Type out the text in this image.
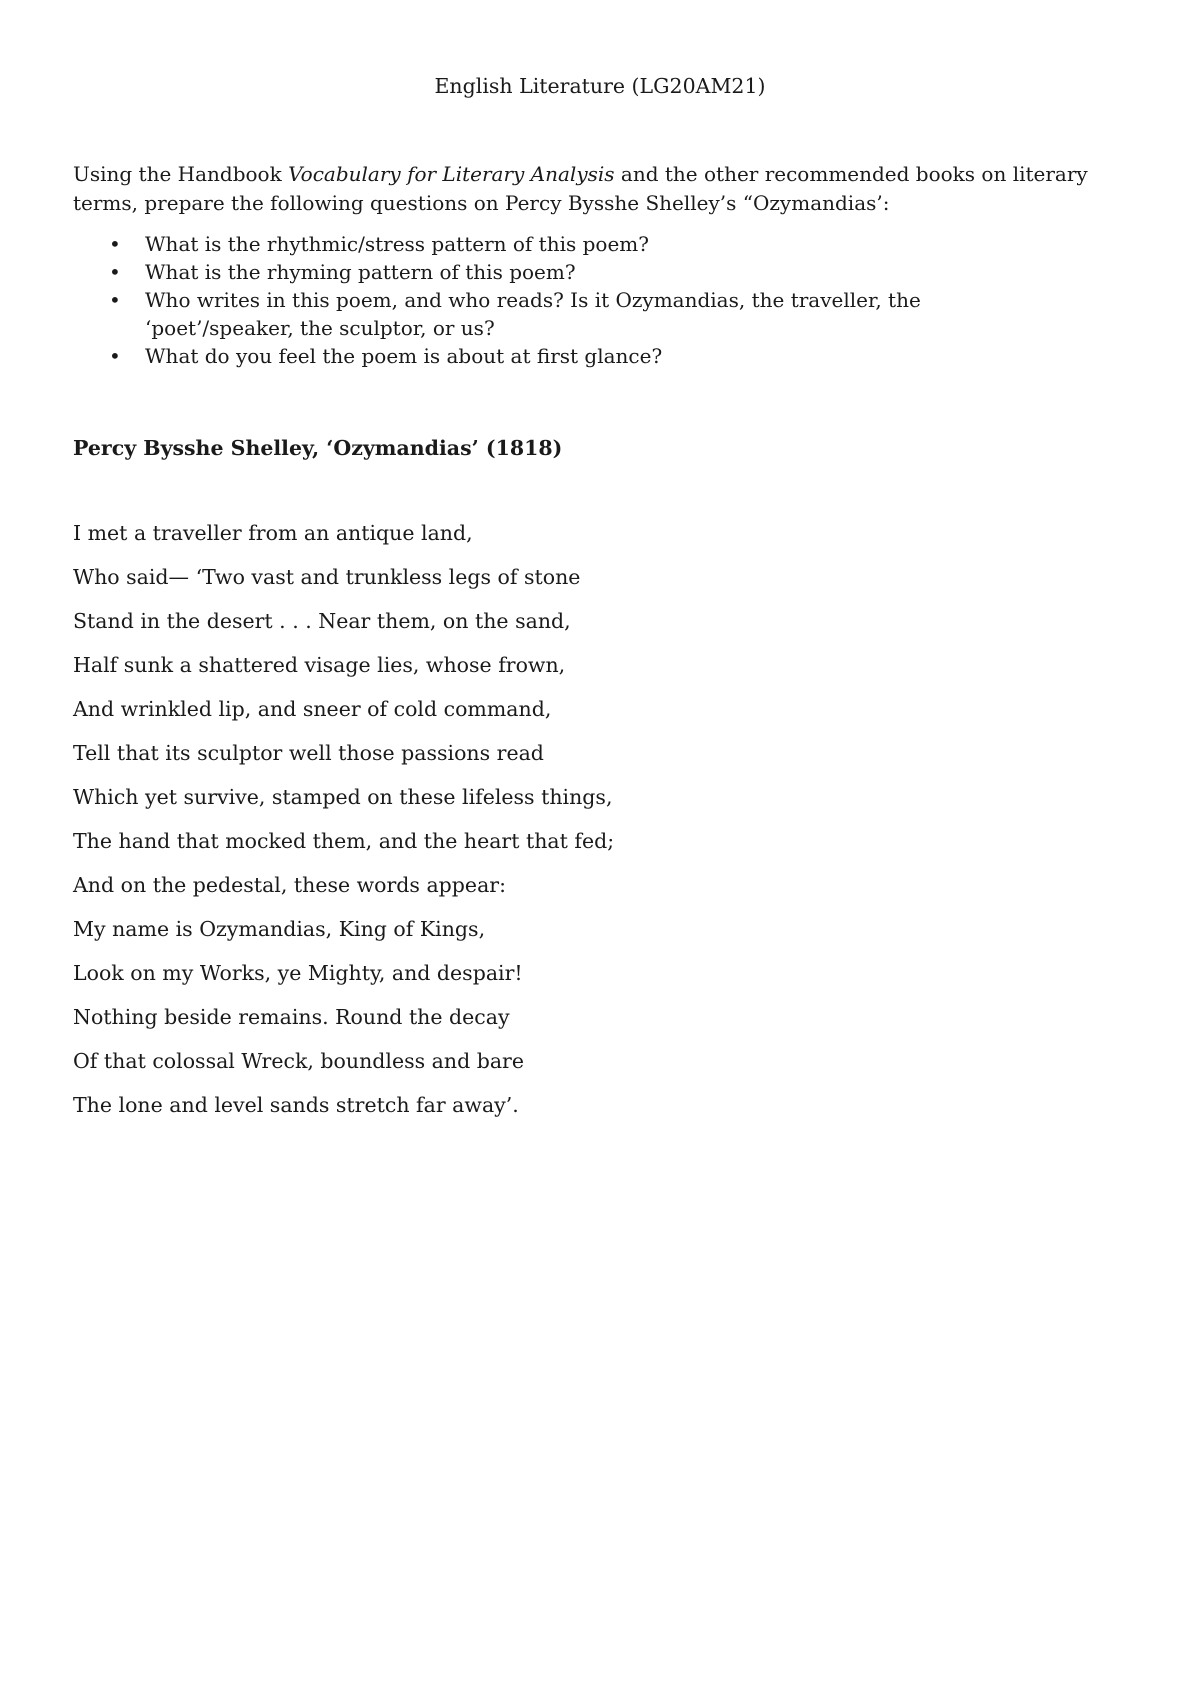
English Literature (LG20AM21)

Using the Handbook Vocabulary for Literary Analysis and the other recommended books on literary terms, prepare the following questions on Percy Bysshe Shelley’s “Ozymandias’:

• What is the rhythmic/stress pattern of this poem?
• What is the rhyming pattern of this poem?
• Who writes in this poem, and who reads? Is it Ozymandias, the traveller, the ‘poet’/speaker, the sculptor, or us?
• What do you feel the poem is about at first glance?
Percy Bysshe Shelley, ‘Ozymandias’ (1818)
I met a traveller from an antique land,
Who said— ‘Two vast and trunkless legs of stone
Stand in the desert . . . Near them, on the sand,
Half sunk a shattered visage lies, whose frown,
And wrinkled lip, and sneer of cold command,
Tell that its sculptor well those passions read
Which yet survive, stamped on these lifeless things,
The hand that mocked them, and the heart that fed;
And on the pedestal, these words appear:
My name is Ozymandias, King of Kings,
Look on my Works, ye Mighty, and despair!
Nothing beside remains. Round the decay
Of that colossal Wreck, boundless and bare
The lone and level sands stretch far away’.
